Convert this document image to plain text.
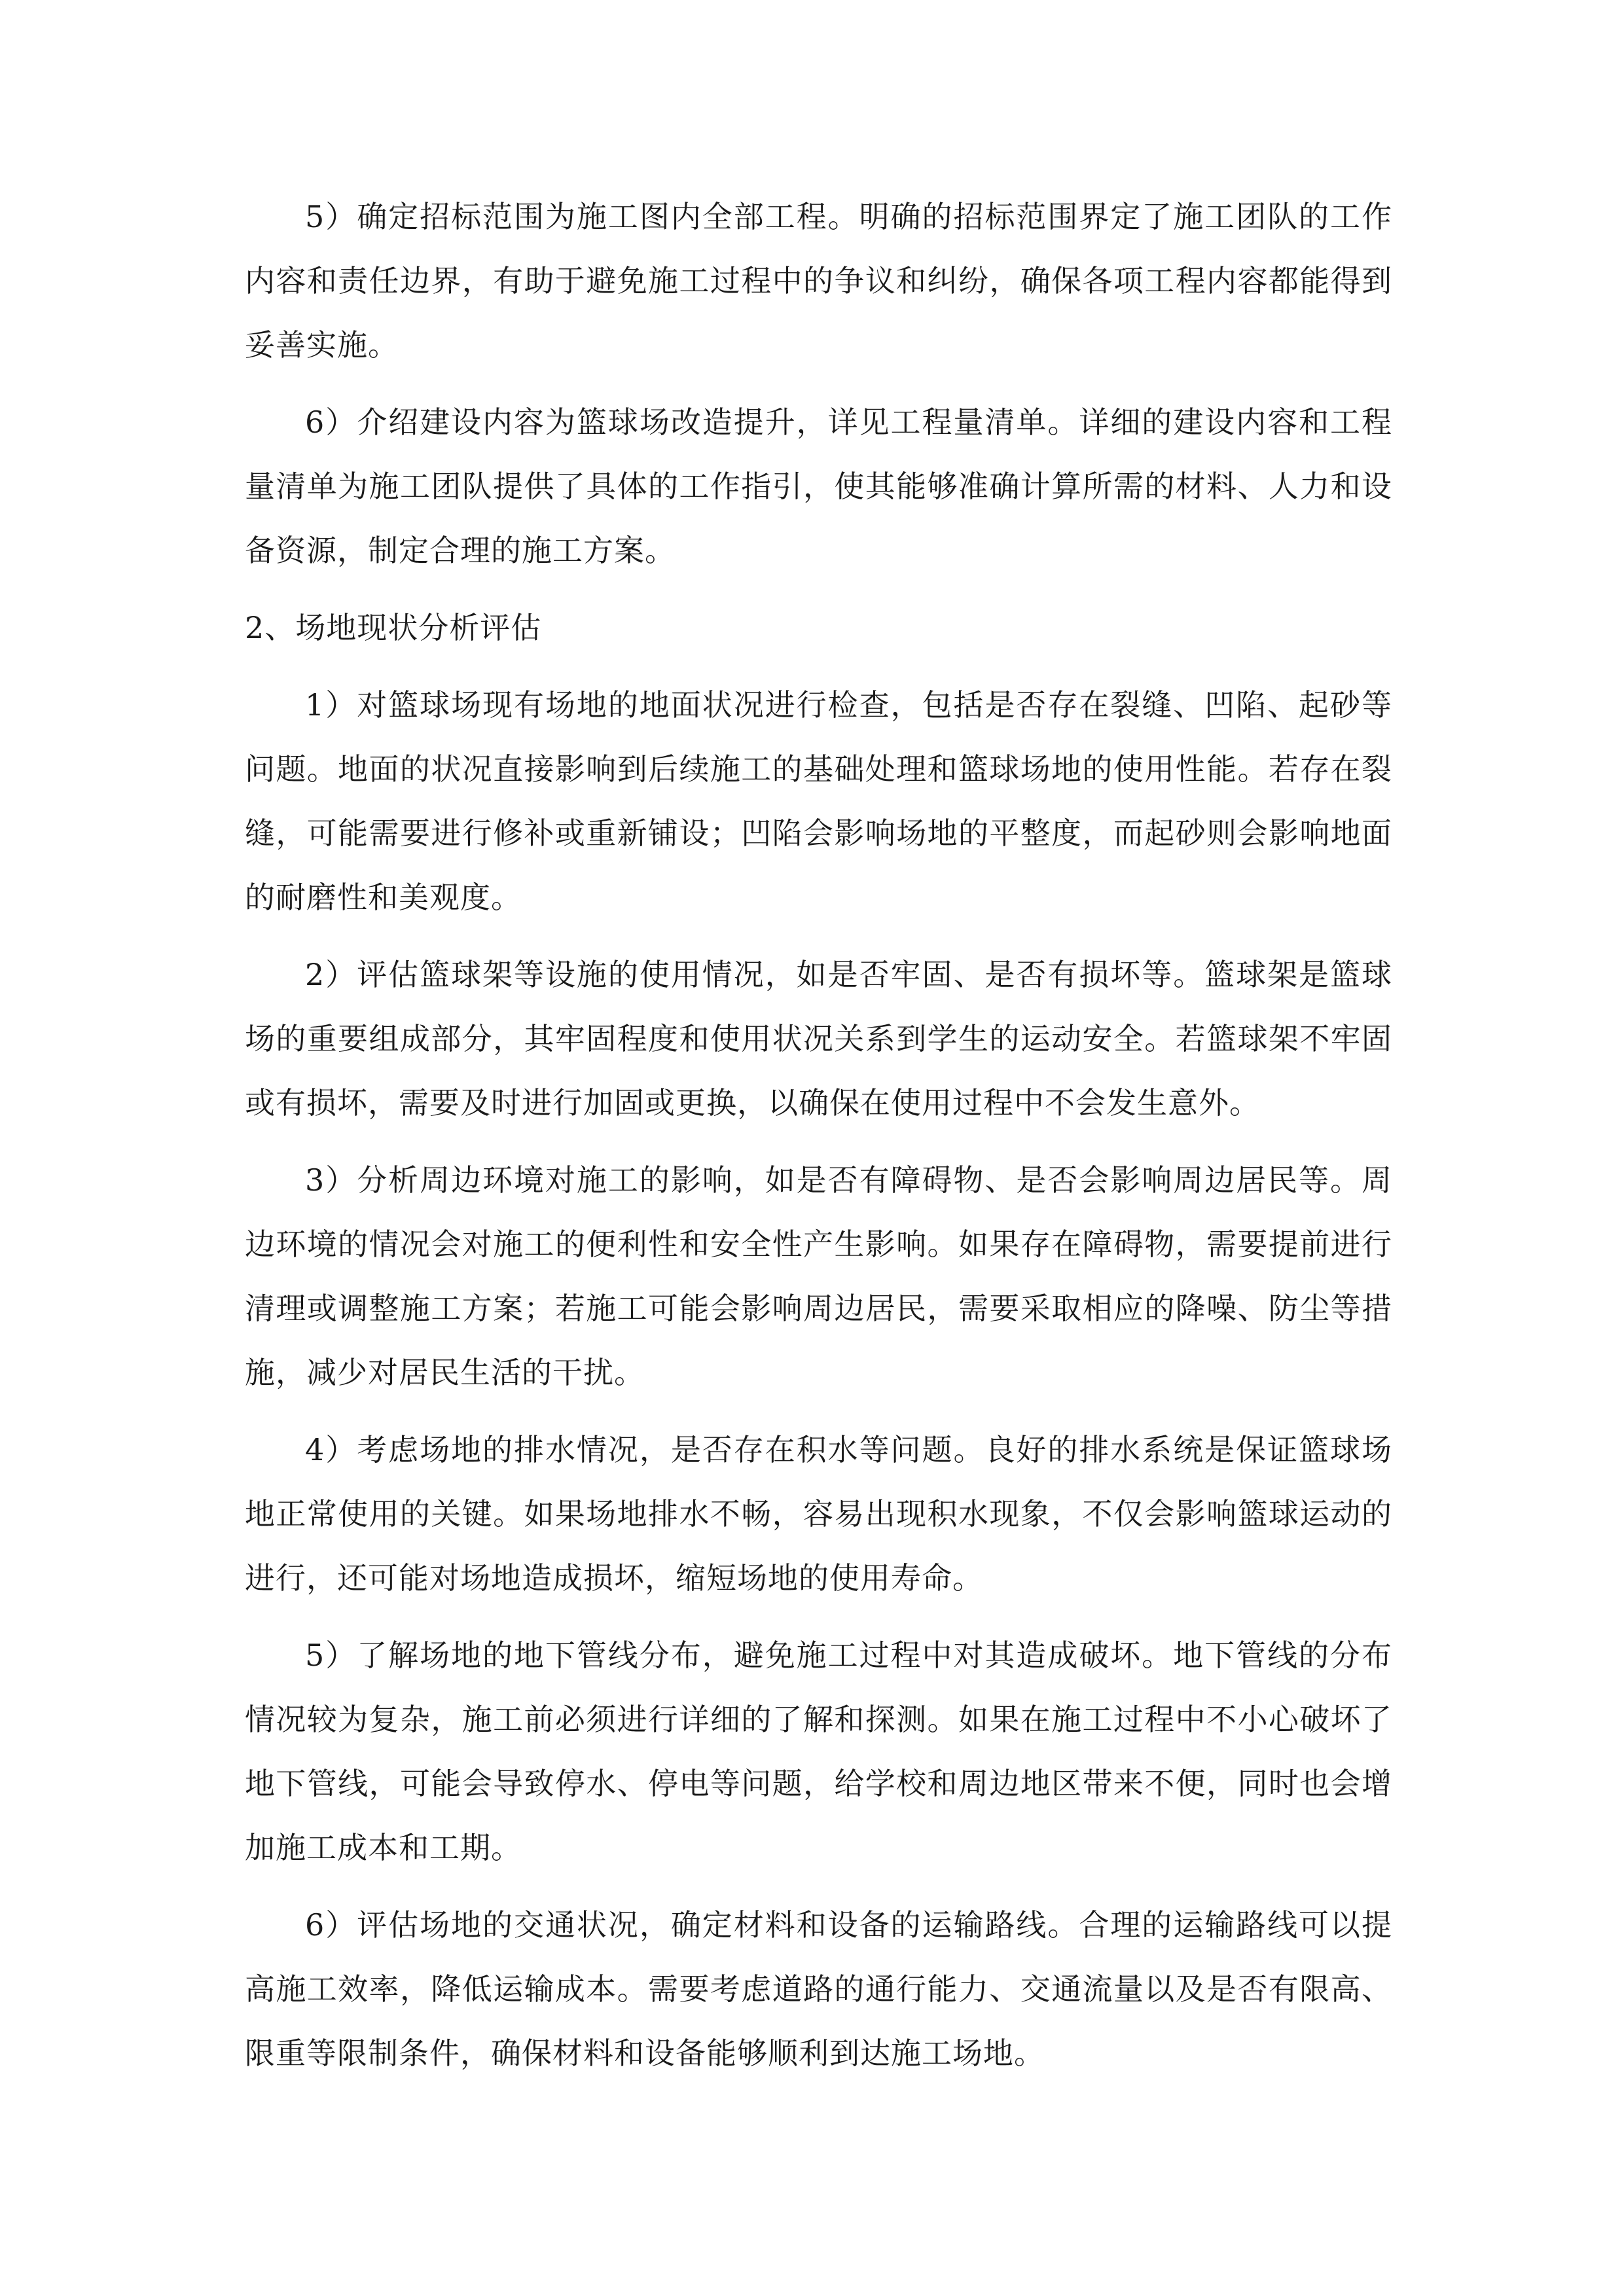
5）确定招标范围为施工图内全部工程。明确的招标范围界定了施工团队的工作内容和责任边界，有助于避免施工过程中的争议和纠纷，确保各项工程内容都能得到妥善实施。

6）介绍建设内容为篮球场改造提升，详见工程量清单。详细的建设内容和工程量清单为施工团队提供了具体的工作指引，使其能够准确计算所需的材料、人力和设备资源，制定合理的施工方案。

2、场地现状分析评估

1）对篮球场现有场地的地面状况进行检查，包括是否存在裂缝、凹陷、起砂等问题。地面的状况直接影响到后续施工的基础处理和篮球场地的使用性能。若存在裂缝，可能需要进行修补或重新铺设；凹陷会影响场地的平整度，而起砂则会影响地面的耐磨性和美观度。

2）评估篮球架等设施的使用情况，如是否牢固、是否有损坏等。篮球架是篮球场的重要组成部分，其牢固程度和使用状况关系到学生的运动安全。若篮球架不牢固或有损坏，需要及时进行加固或更换，以确保在使用过程中不会发生意外。

3）分析周边环境对施工的影响，如是否有障碍物、是否会影响周边居民等。周边环境的情况会对施工的便利性和安全性产生影响。如果存在障碍物，需要提前进行清理或调整施工方案；若施工可能会影响周边居民，需要采取相应的降噪、防尘等措施，减少对居民生活的干扰。

4）考虑场地的排水情况，是否存在积水等问题。良好的排水系统是保证篮球场地正常使用的关键。如果场地排水不畅，容易出现积水现象，不仅会影响篮球运动的进行，还可能对场地造成损坏，缩短场地的使用寿命。

5）了解场地的地下管线分布，避免施工过程中对其造成破坏。地下管线的分布情况较为复杂，施工前必须进行详细的了解和探测。如果在施工过程中不小心破坏了地下管线，可能会导致停水、停电等问题，给学校和周边地区带来不便，同时也会增加施工成本和工期。

6）评估场地的交通状况，确定材料和设备的运输路线。合理的运输路线可以提高施工效率，降低运输成本。需要考虑道路的通行能力、交通流量以及是否有限高、限重等限制条件，确保材料和设备能够顺利到达施工场地。
